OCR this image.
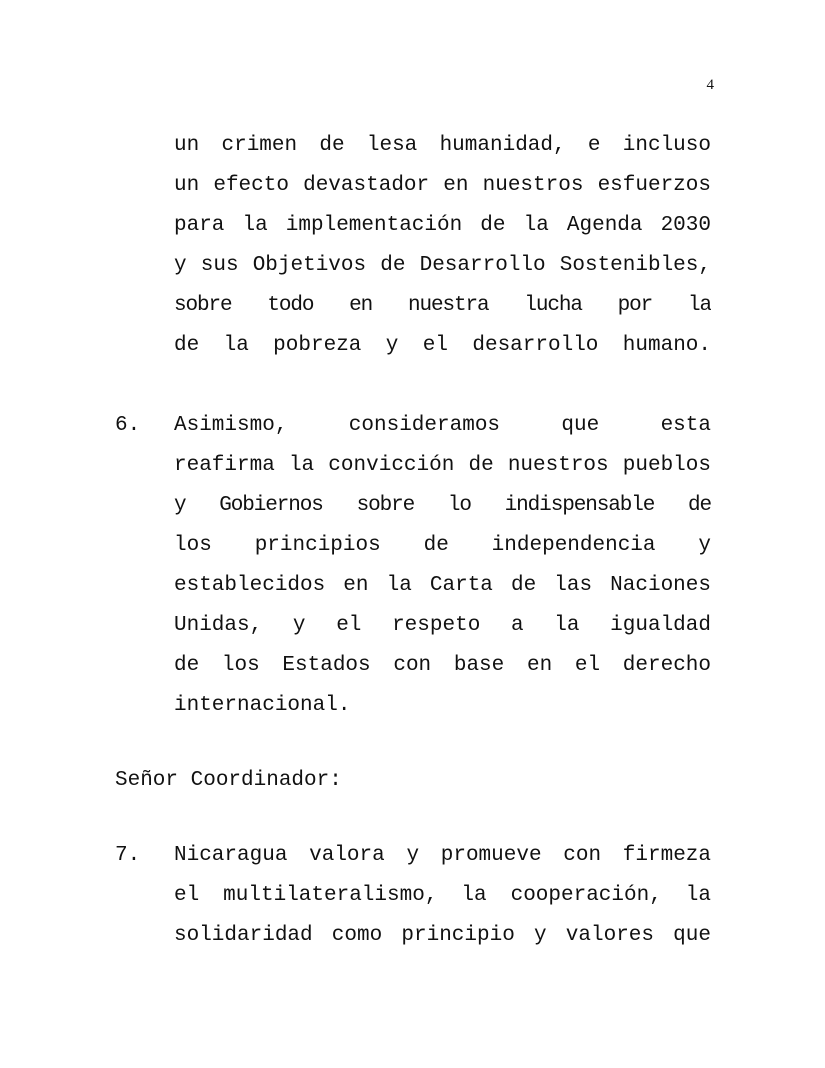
4
un crimen de lesa humanidad, e incluso
un efecto devastador en nuestros esfuerzos
para la implementación de la Agenda 2030
y sus Objetivos de Desarrollo Sostenibles,
sobre todo en nuestra lucha por la
de la pobreza y el desarrollo humano.
6. Asimismo, consideramos que esta
reafirma la convicción de nuestros pueblos
y Gobiernos sobre lo indispensable de
los principios de independencia y
establecidos en la Carta de las Naciones
Unidas, y el respeto a la igualdad
de los Estados con base en el derecho
internacional.
Señor Coordinador:
7. Nicaragua valora y promueve con firmeza
el multilateralismo, la cooperación, la
solidaridad como principio y valores que
